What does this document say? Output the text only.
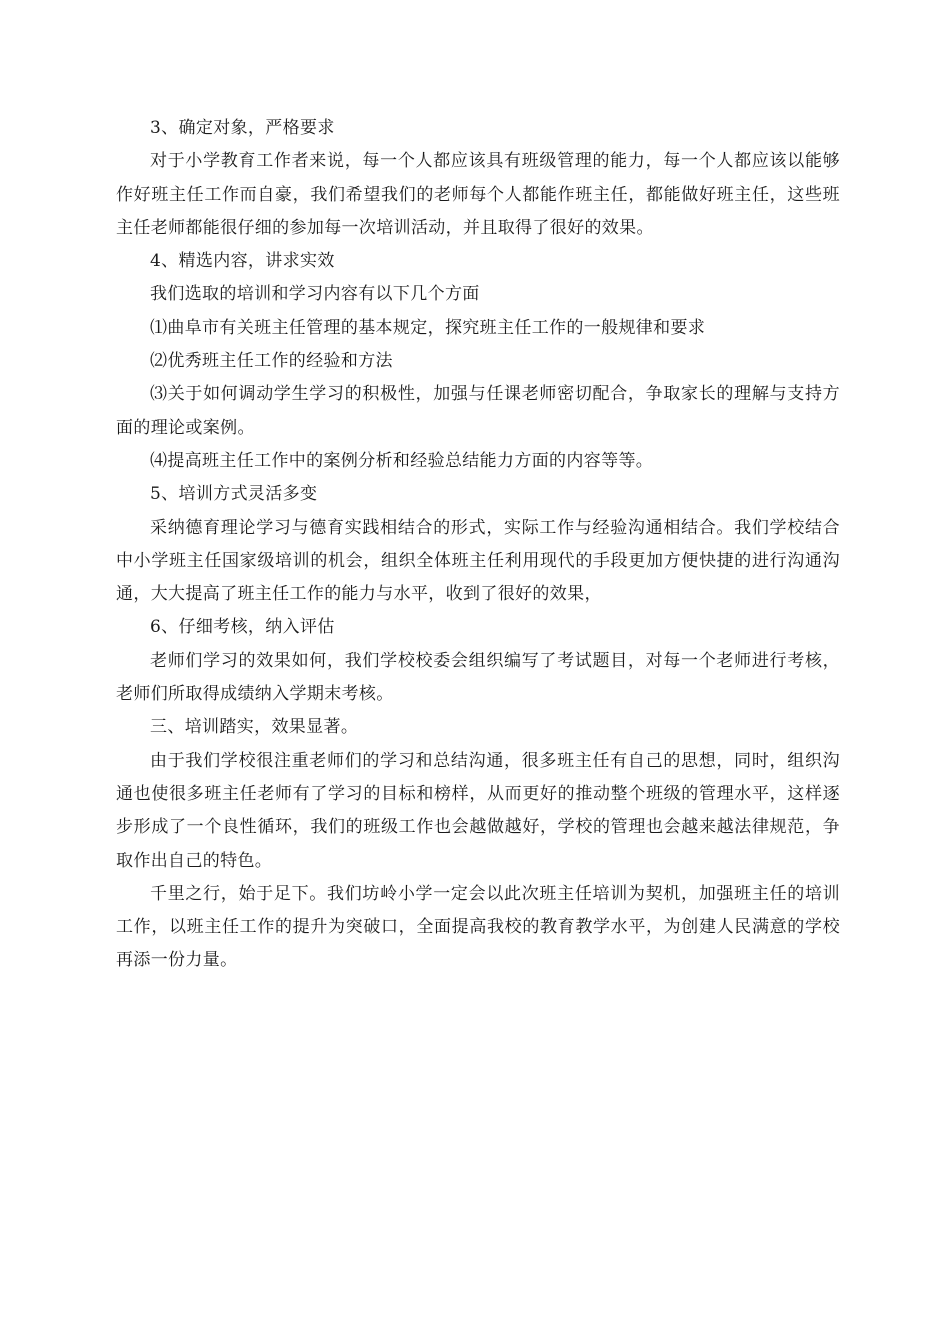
3、确定对象，严格要求

对于小学教育工作者来说，每一个人都应该具有班级管理的能力，每一个人都应该以能够作好班主任工作而自豪，我们希望我们的老师每个人都能作班主任，都能做好班主任，这些班主任老师都能很仔细的参加每一次培训活动，并且取得了很好的效果。

4、精选内容，讲求实效

我们选取的培训和学习内容有以下几个方面

⑴曲阜市有关班主任管理的基本规定，探究班主任工作的一般规律和要求

⑵优秀班主任工作的经验和方法

⑶关于如何调动学生学习的积极性，加强与任课老师密切配合，争取家长的理解与支持方面的理论或案例。

⑷提高班主任工作中的案例分析和经验总结能力方面的内容等等。

5、培训方式灵活多变

采纳德育理论学习与德育实践相结合的形式，实际工作与经验沟通相结合。我们学校结合中小学班主任国家级培训的机会，组织全体班主任利用现代的手段更加方便快捷的进行沟通沟通，大大提高了班主任工作的能力与水平，收到了很好的效果，

6、仔细考核，纳入评估

老师们学习的效果如何，我们学校校委会组织编写了考试题目，对每一个老师进行考核，老师们所取得成绩纳入学期末考核。

三、培训踏实，效果显著。

由于我们学校很注重老师们的学习和总结沟通，很多班主任有自己的思想，同时，组织沟通也使很多班主任老师有了学习的目标和榜样，从而更好的推动整个班级的管理水平，这样逐步形成了一个良性循环，我们的班级工作也会越做越好，学校的管理也会越来越法律规范，争取作出自己的特色。

千里之行，始于足下。我们坊岭小学一定会以此次班主任培训为契机，加强班主任的培训工作，以班主任工作的提升为突破口，全面提高我校的教育教学水平，为创建人民满意的学校再添一份力量。
